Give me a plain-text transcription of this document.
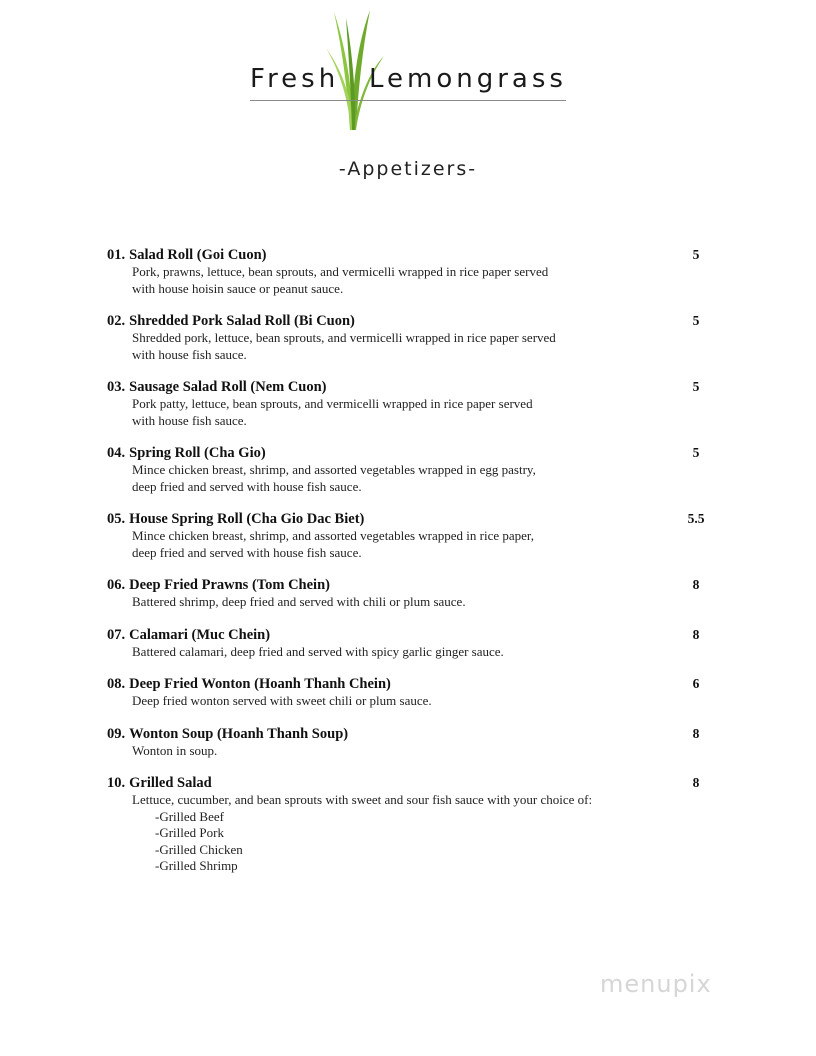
Fresh Lemongrass
-Appetizers-
01. Salad Roll (Goi Cuon)	5
Pork, prawns, lettuce, bean sprouts, and vermicelli wrapped in rice paper served
with house hoisin sauce or peanut sauce.
02. Shredded Pork Salad Roll (Bi Cuon)	5
Shredded pork, lettuce, bean sprouts, and vermicelli wrapped in rice paper served
with house fish sauce.
03. Sausage Salad Roll (Nem Cuon)	5
Pork patty, lettuce, bean sprouts, and vermicelli wrapped in rice paper served
with house fish sauce.
04. Spring Roll (Cha Gio)	5
Mince chicken breast, shrimp, and assorted vegetables wrapped in egg pastry,
deep fried and served with house fish sauce.
05. House Spring Roll (Cha Gio Dac Biet)	5.5
Mince chicken breast, shrimp, and assorted vegetables wrapped in rice paper,
deep fried and served with house fish sauce.
06. Deep Fried Prawns (Tom Chein)	8
Battered shrimp, deep fried and served with chili or plum sauce.
07. Calamari (Muc Chein)	8
Battered calamari, deep fried and served with spicy garlic ginger sauce.
08. Deep Fried Wonton (Hoanh Thanh Chein)	6
Deep fried wonton served with sweet chili or plum sauce.
09. Wonton Soup (Hoanh Thanh Soup)	8
Wonton in soup.
10. Grilled Salad	8
Lettuce, cucumber, and bean sprouts with sweet and sour fish sauce with your choice of:
-Grilled Beef
-Grilled Pork
-Grilled Chicken
-Grilled Shrimp
menupix
